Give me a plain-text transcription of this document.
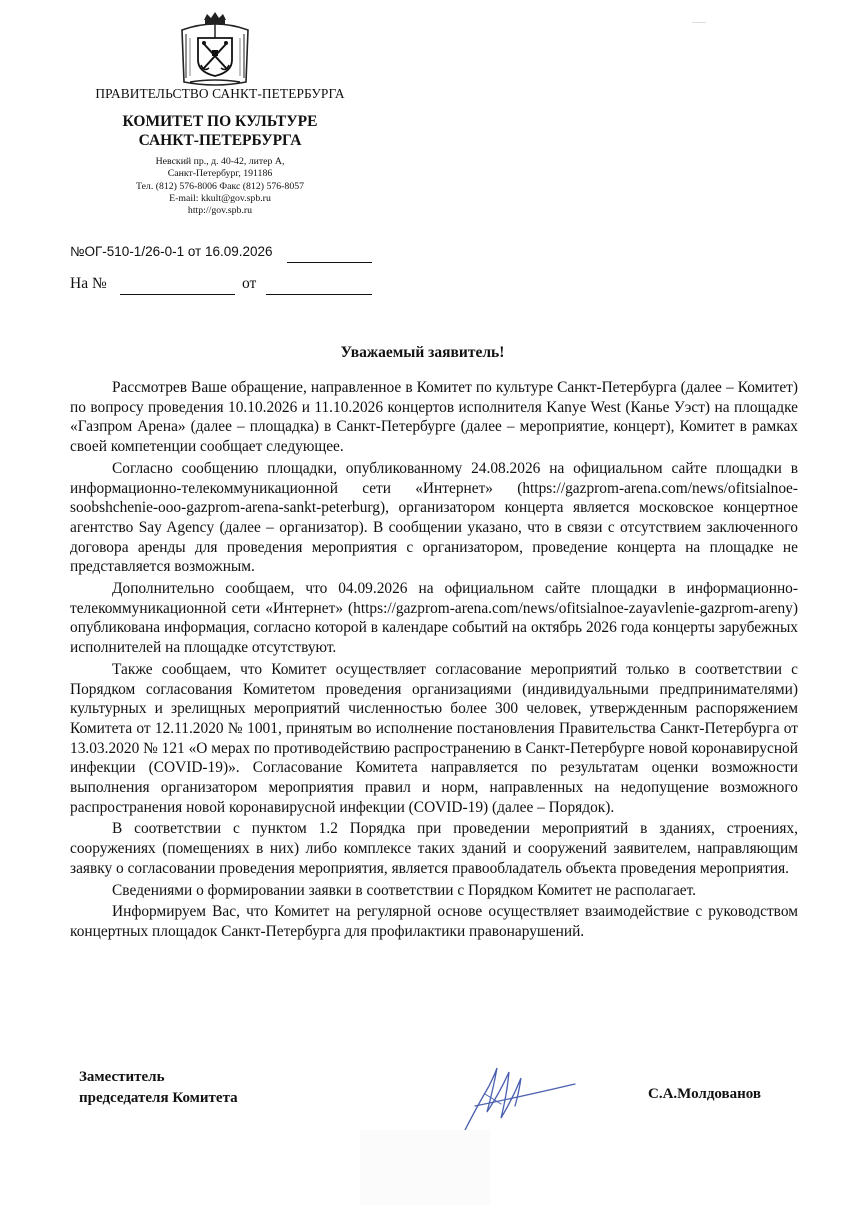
ПРАВИТЕЛЬСТВО САНКТ-ПЕТЕРБУРГА
КОМИТЕТ ПО КУЛЬТУРЕ
САНКТ-ПЕТЕРБУРГА
Невский пр., д. 40-42, литер А,
Санкт-Петербург, 191186
Тел. (812) 576-8006 Факс (812) 576-8057
E-mail: kkult@gov.spb.ru
http://gov.spb.ru
№ОГ-510-1/26-0-1 от 16.09.2026
На №	от
Уважаемый заявитель!

Рассмотрев Ваше обращение, направленное в Комитет по культуре Санкт-Петербурга (далее – Комитет) по вопросу проведения 10.10.2026 и 11.10.2026 концертов исполнителя Kanye West (Канье Уэст) на площадке «Газпром Арена» (далее – площадка) в Санкт-Петербурге (далее – мероприятие, концерт), Комитет в рамках своей компетенции сообщает следующее.

Согласно сообщению площадки, опубликованному 24.08.2026 на официальном сайте площадки в информационно-телекоммуникационной сети «Интернет» (https://gazprom-arena.com/news/ofitsialnoe-soobshchenie-ooo-gazprom-arena-sankt-peterburg), организатором концерта является московское концертное агентство Say Agency (далее – организатор). В сообщении указано, что в связи с отсутствием заключенного договора аренды для проведения мероприятия с организатором, проведение концерта на площадке не представляется возможным.

Дополнительно сообщаем, что 04.09.2026 на официальном сайте площадки в информационно-телекоммуникационной сети «Интернет» (https://gazprom-arena.com/news/ofitsialnoe-zayavlenie-gazprom-areny) опубликована информация, согласно которой в календаре событий на октябрь 2026 года концерты зарубежных исполнителей на площадке отсутствуют.

Также сообщаем, что Комитет осуществляет согласование мероприятий только в соответствии с Порядком согласования Комитетом проведения организациями (индивидуальными предпринимателями) культурных и зрелищных мероприятий численностью более 300 человек, утвержденным распоряжением Комитета от 12.11.2020 № 1001, принятым во исполнение постановления Правительства Санкт-Петербурга от 13.03.2020 № 121 «О мерах по противодействию распространению в Санкт-Петербурге новой коронавирусной инфекции (COVID-19)». Согласование Комитета направляется по результатам оценки возможности выполнения организатором мероприятия правил и норм, направленных на недопущение возможного распространения новой коронавирусной инфекции (COVID-19) (далее – Порядок).

В соответствии с пунктом 1.2 Порядка при проведении мероприятий в зданиях, строениях, сооружениях (помещениях в них) либо комплексе таких зданий и сооружений заявителем, направляющим заявку о согласовании проведения мероприятия, является правообладатель объекта проведения мероприятия.

Сведениями о формировании заявки в соответствии с Порядком Комитет не располагает.

Информируем Вас, что Комитет на регулярной основе осуществляет взаимодействие с руководством концертных площадок Санкт-Петербурга для профилактики правонарушений.

Заместитель
председателя Комитета	С.А.Молдованов
